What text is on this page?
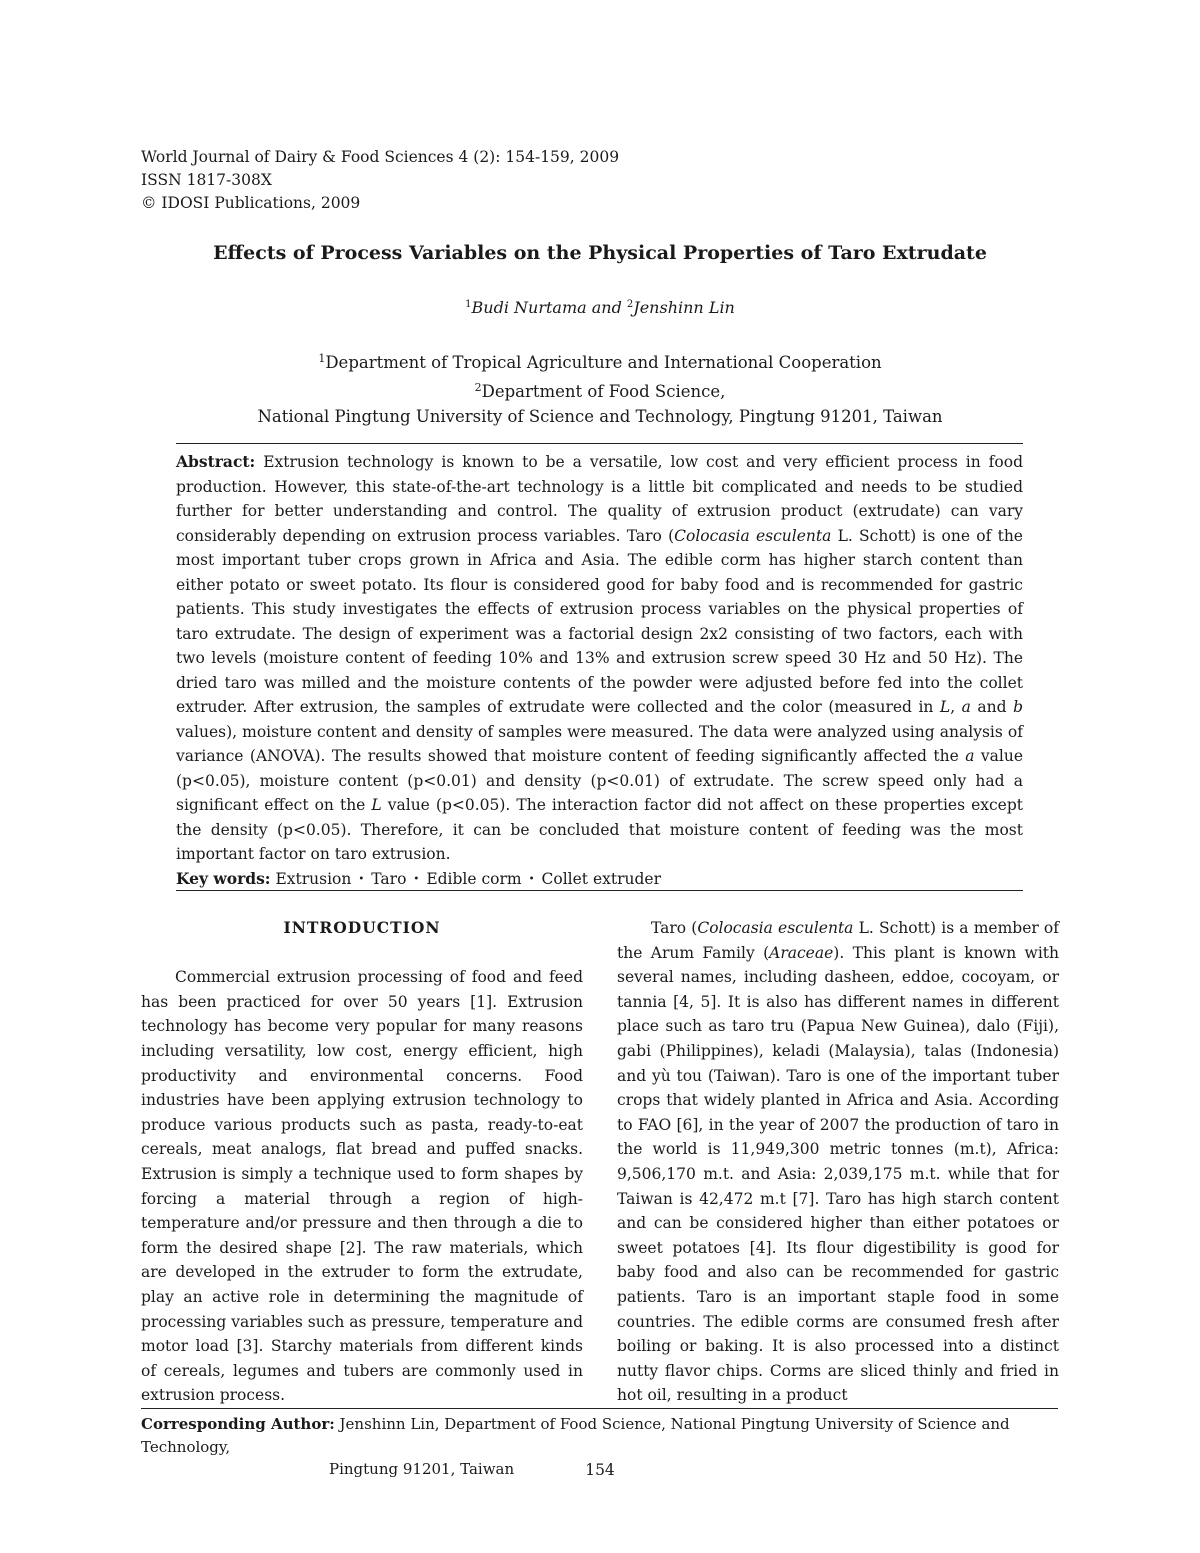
World Journal of Dairy & Food Sciences 4 (2): 154-159, 2009
ISSN 1817-308X
© IDOSI Publications, 2009
Effects of Process Variables on the Physical Properties of Taro Extrudate
$^1$Budi Nurtama and $^2$Jenshinn Lin
$^1$Department of Tropical Agriculture and International Cooperation
$^2$Department of Food Science,
National Pingtung University of Science and Technology, Pingtung 91201, Taiwan
Abstract: Extrusion technology is known to be a versatile, low cost and very efficient process in food production. However, this state-of-the-art technology is a little bit complicated and needs to be studied further for better understanding and control. The quality of extrusion product (extrudate) can vary considerably depending on extrusion process variables. Taro (Colocasia esculenta L. Schott) is one of the most important tuber crops grown in Africa and Asia. The edible corm has higher starch content than either potato or sweet potato. Its flour is considered good for baby food and is recommended for gastric patients. This study investigates the effects of extrusion process variables on the physical properties of taro extrudate. The design of experiment was a factorial design 2x2 consisting of two factors, each with two levels (moisture content of feeding 10% and 13% and extrusion screw speed 30 Hz and 50 Hz). The dried taro was milled and the moisture contents of the powder were adjusted before fed into the collet extruder. After extrusion, the samples of extrudate were collected and the color (measured in L, a and b values), moisture content and density of samples were measured. The data were analyzed using analysis of variance (ANOVA). The results showed that moisture content of feeding significantly affected the a value (p<0.05), moisture content (p<0.01) and density (p<0.01) of extrudate. The screw speed only had a significant effect on the L value (p<0.05). The interaction factor did not affect on these properties except the density (p<0.05). Therefore, it can be concluded that moisture content of feeding was the most important factor on taro extrusion.
Key words: Extrusion • Taro • Edible corm • Collet extruder
INTRODUCTION

Commercial extrusion processing of food and feed has been practiced for over 50 years [1]. Extrusion technology has become very popular for many reasons including versatility, low cost, energy efficient, high productivity and environmental concerns. Food industries have been applying extrusion technology to produce various products such as pasta, ready-to-eat cereals, meat analogs, flat bread and puffed snacks. Extrusion is simply a technique used to form shapes by forcing a material through a region of high-temperature and/or pressure and then through a die to form the desired shape [2]. The raw materials, which are developed in the extruder to form the extrudate, play an active role in determining the magnitude of processing variables such as pressure, temperature and motor load [3]. Starchy materials from different kinds of cereals, legumes and tubers are commonly used in extrusion process.

Taro (Colocasia esculenta L. Schott) is a member of the Arum Family (Araceae). This plant is known with several names, including dasheen, eddoe, cocoyam, or tannia [4, 5]. It is also has different names in different place such as taro tru (Papua New Guinea), dalo (Fiji), gabi (Philippines), keladi (Malaysia), talas (Indonesia) and yù tou (Taiwan). Taro is one of the important tuber crops that widely planted in Africa and Asia. According to FAO [6], in the year of 2007 the production of taro in the world is 11,949,300 metric tonnes (m.t), Africa: 9,506,170 m.t. and Asia: 2,039,175 m.t. while that for Taiwan is 42,472 m.t [7]. Taro has high starch content and can be considered higher than either potatoes or sweet potatoes [4]. Its flour digestibility is good for baby food and also can be recommended for gastric patients. Taro is an important staple food in some countries. The edible corms are consumed fresh after boiling or baking. It is also processed into a distinct nutty flavor chips. Corms are sliced thinly and fried in hot oil, resulting in a product

Corresponding Author: Jenshinn Lin, Department of Food Science, National Pingtung University of Science and Technology,
Pingtung 91201, Taiwan	154
